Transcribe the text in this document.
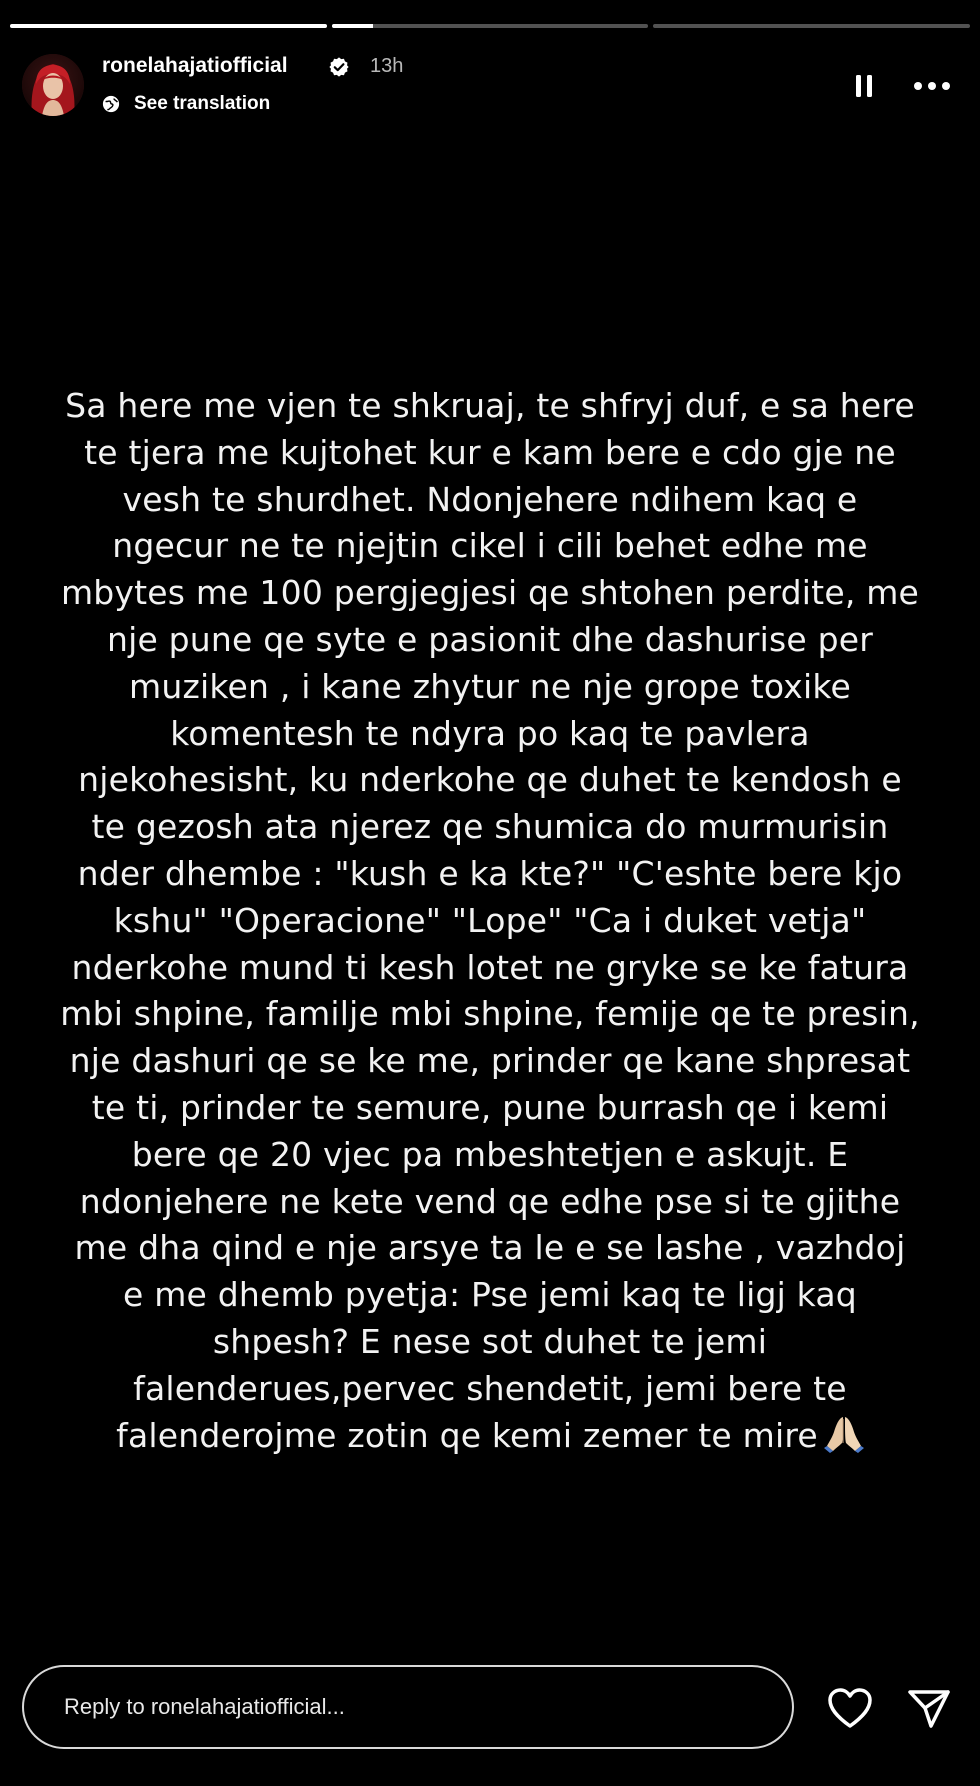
ronelahajatiofficial	13h
See translation

Sa here me vjen te shkruaj, te shfryj duf, e sa here te tjera me kujtohet kur e kam bere e cdo gje ne vesh te shurdhet. Ndonjehere ndihem kaq e ngecur ne te njejtin cikel i cili behet edhe me mbytes me 100 pergjegjesi qe shtohen perdite, me nje pune qe syte e pasionit dhe dashurise per muziken , i kane zhytur ne nje grope toxike komentesh te ndyra po kaq te pavlera njekohesisht, ku nderkohe qe duhet te kendosh e te gezosh ata njerez qe shumica do murmurisin nder dhembe : "kush e ka kte?" "C'eshte bere kjo kshu" "Operacione" "Lope" "Ca i duket vetja" nderkohe mund ti kesh lotet ne gryke se ke fatura mbi shpine, familje mbi shpine, femije qe te presin, nje dashuri qe se ke me, prinder qe kane shpresat te ti, prinder te semure, pune burrash qe i kemi bere qe 20 vjec pa mbeshtetjen e askujt. E ndonjehere ne kete vend qe edhe pse si te gjithe me dha qind e nje arsye ta le e se lashe , vazhdoj e me dhemb pyetja: Pse jemi kaq te ligj kaq shpesh? E nese sot duhet te jemi falenderues,pervec shendetit, jemi bere te falenderojme zotin qe kemi zemer te mire

Reply to ronelahajatiofficial...
